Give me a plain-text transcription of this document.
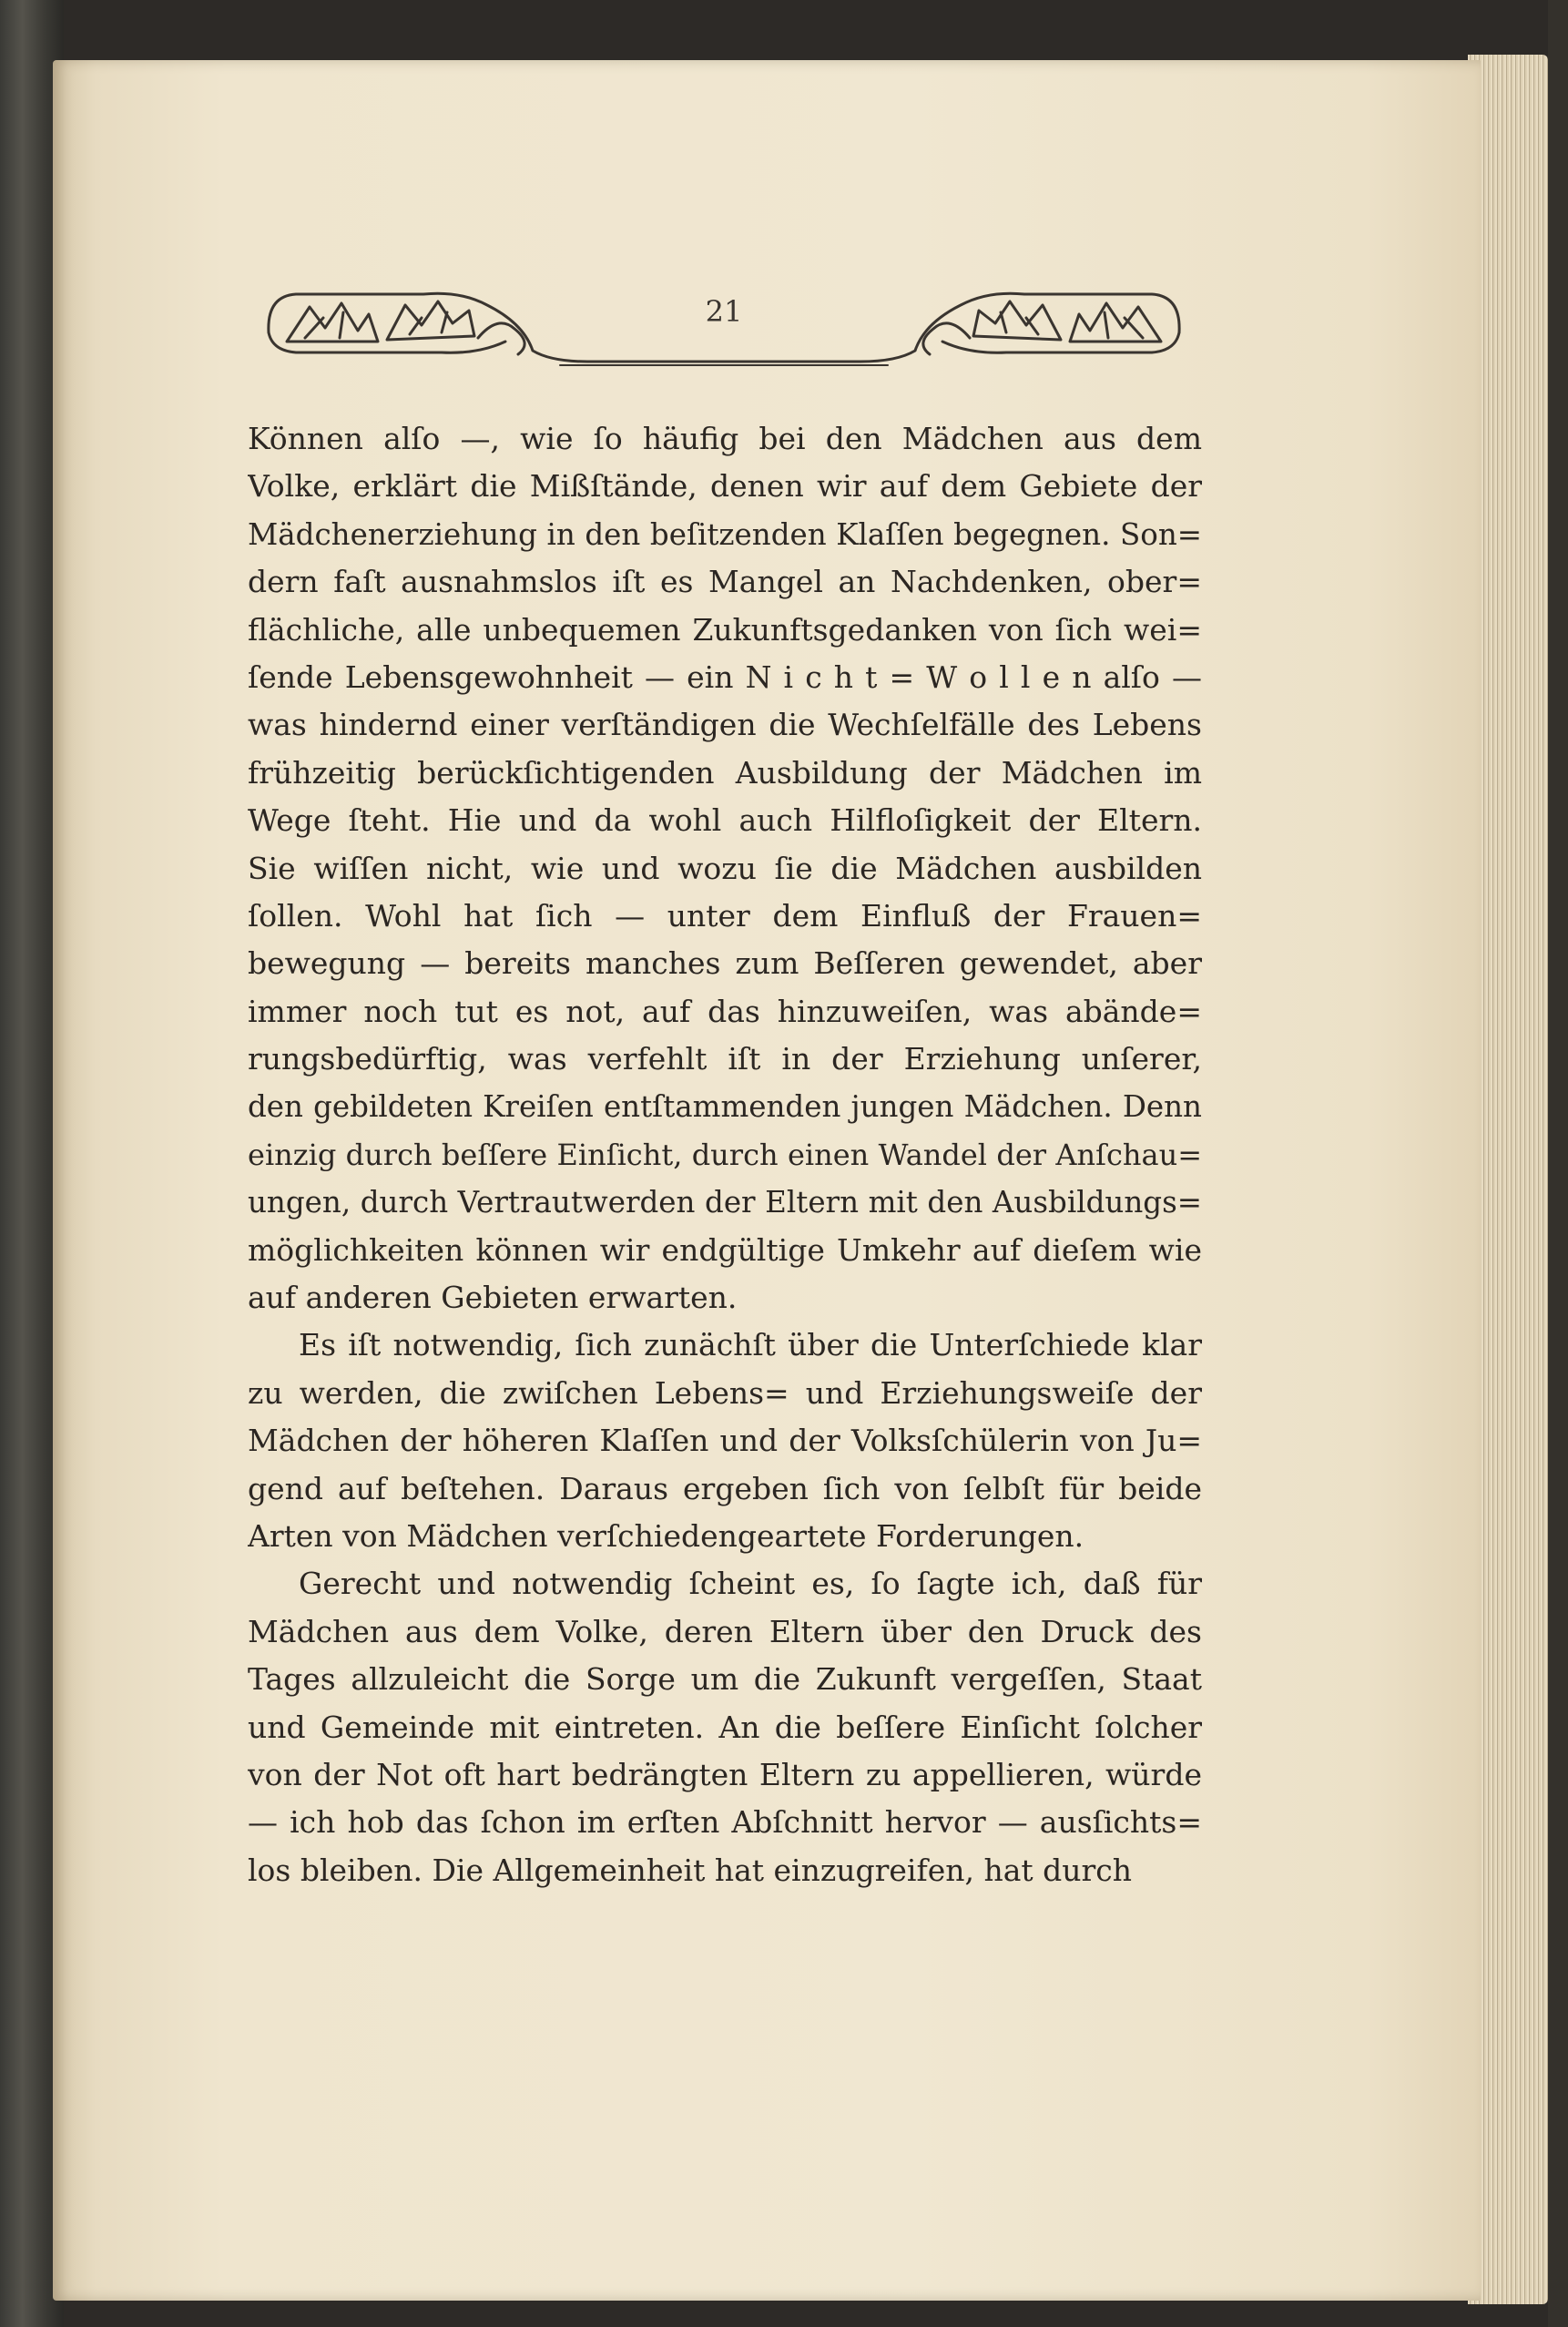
21
Können alſo —, wie ſo häufig bei den Mädchen aus dem
Volke, erklärt die Mißſtände, denen wir auf dem Gebiete der
Mädchenerziehung in den beſitzenden Klaſſen begegnen. Son=
dern faſt ausnahmslos iſt es Mangel an Nachdenken, ober=
flächliche, alle unbequemen Zukunftsgedanken von ſich wei=
ſende Lebensgewohnheit — ein N i c h t = W o l l e n alſo —
was hindernd einer verſtändigen die Wechſelfälle des Lebens
frühzeitig berückſichtigenden Ausbildung der Mädchen im
Wege ſteht. Hie und da wohl auch Hilfloſigkeit der Eltern.
Sie wiſſen nicht, wie und wozu ſie die Mädchen ausbilden
ſollen. Wohl hat ſich — unter dem Einfluß der Frauen=
bewegung — bereits manches zum Beſſeren gewendet, aber
immer noch tut es not, auf das hinzuweiſen, was abände=
rungsbedürftig, was verfehlt iſt in der Erziehung unſerer,
den gebildeten Kreiſen entſtammenden jungen Mädchen. Denn
einzig durch beſſere Einſicht, durch einen Wandel der Anſchau=
ungen, durch Vertrautwerden der Eltern mit den Ausbildungs=
möglichkeiten können wir endgültige Umkehr auf dieſem wie
auf anderen Gebieten erwarten.
Es iſt notwendig, ſich zunächſt über die Unterſchiede klar
zu werden, die zwiſchen Lebens= und Erziehungsweiſe der
Mädchen der höheren Klaſſen und der Volksſchülerin von Ju=
gend auf beſtehen. Daraus ergeben ſich von ſelbſt für beide
Arten von Mädchen verſchiedengeartete Forderungen.
Gerecht und notwendig ſcheint es, ſo ſagte ich, daß für
Mädchen aus dem Volke, deren Eltern über den Druck des
Tages allzuleicht die Sorge um die Zukunft vergeſſen, Staat
und Gemeinde mit eintreten. An die beſſere Einſicht ſolcher
von der Not oft hart bedrängten Eltern zu appellieren, würde
— ich hob das ſchon im erſten Abſchnitt hervor — ausſichts=
los bleiben. Die Allgemeinheit hat einzugreifen, hat durch
